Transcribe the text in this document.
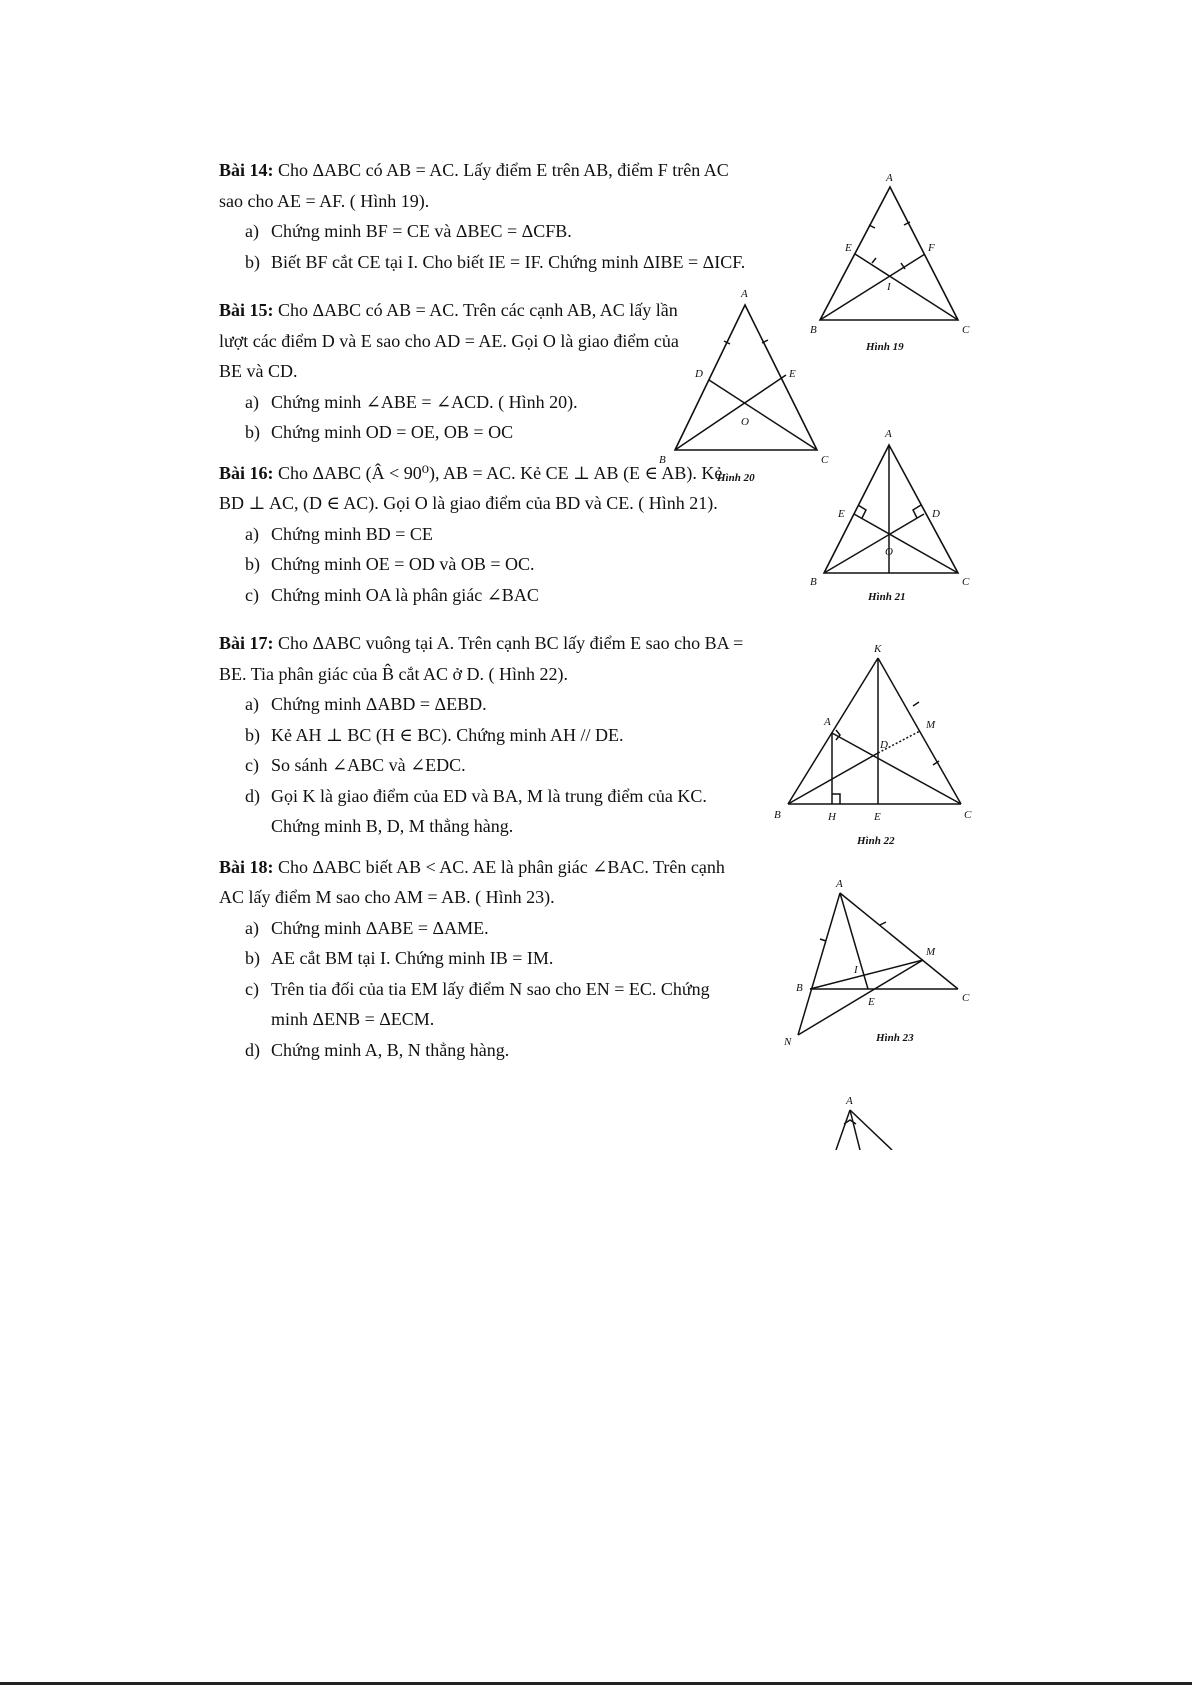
Bài 14: Cho ΔABC có AB = AC. Lấy điểm E trên AB, điểm F trên AC sao cho AE = AF. ( Hình 19).

a) Chứng minh BF = CE và ΔBEC = ΔCFB.
b) Biết BF cắt CE tại I. Cho biết IE = IF. Chứng minh ΔIBE = ΔICF.

Bài 15: Cho ΔABC có AB = AC. Trên các cạnh AB, AC lấy lần lượt các điểm D và E sao cho AD = AE. Gọi O là giao điểm của BE và CD.

a) Chứng minh ∠ABE = ∠ACD. ( Hình 20).
b) Chứng minh OD = OE, OB = OC

Bài 16: Cho ΔABC (Â < 90⁰), AB = AC. Kẻ CE ⊥ AB (E ∈ AB). Kẻ BD ⊥ AC, (D ∈ AC). Gọi O là giao điểm của BD và CE. ( Hình 21).

a) Chứng minh BD = CE
b) Chứng minh OE = OD và OB = OC.
c) Chứng minh OA là phân giác ∠BAC

Bài 17: Cho ΔABC vuông tại A. Trên cạnh BC lấy điểm E sao cho BA = BE. Tia phân giác của B̂ cắt AC ở D. ( Hình 22).

a) Chứng minh ΔABD = ΔEBD.
b) Kẻ AH ⊥ BC (H ∈ BC). Chứng minh AH // DE.
c) So sánh ∠ABC và ∠EDC.
d) Gọi K là giao điểm của ED và BA, M là trung điểm của KC. Chứng minh B, D, M thẳng hàng.

Bài 18: Cho ΔABC biết AB < AC. AE là phân giác ∠BAC. Trên cạnh AC lấy điểm M sao cho AM = AB. ( Hình 23).

a) Chứng minh ΔABE = ΔAME.
b) AE cắt BM tại I. Chứng minh IB = IM.
c) Trên tia đối của tia EM lấy điểm N sao cho EN = EC. Chứng minh ΔENB = ΔECM.
d) Chứng minh A, B, N thẳng hàng.
A
E	F
I
B	C
Hình 19
A
D	E
O
B	C
Hình 20
A
E	D
O
B	C
Hình 21
K
A	M
D
B	H	E	C
Hình 22
A
M
I
B
E	C
N	Hình 23
A
